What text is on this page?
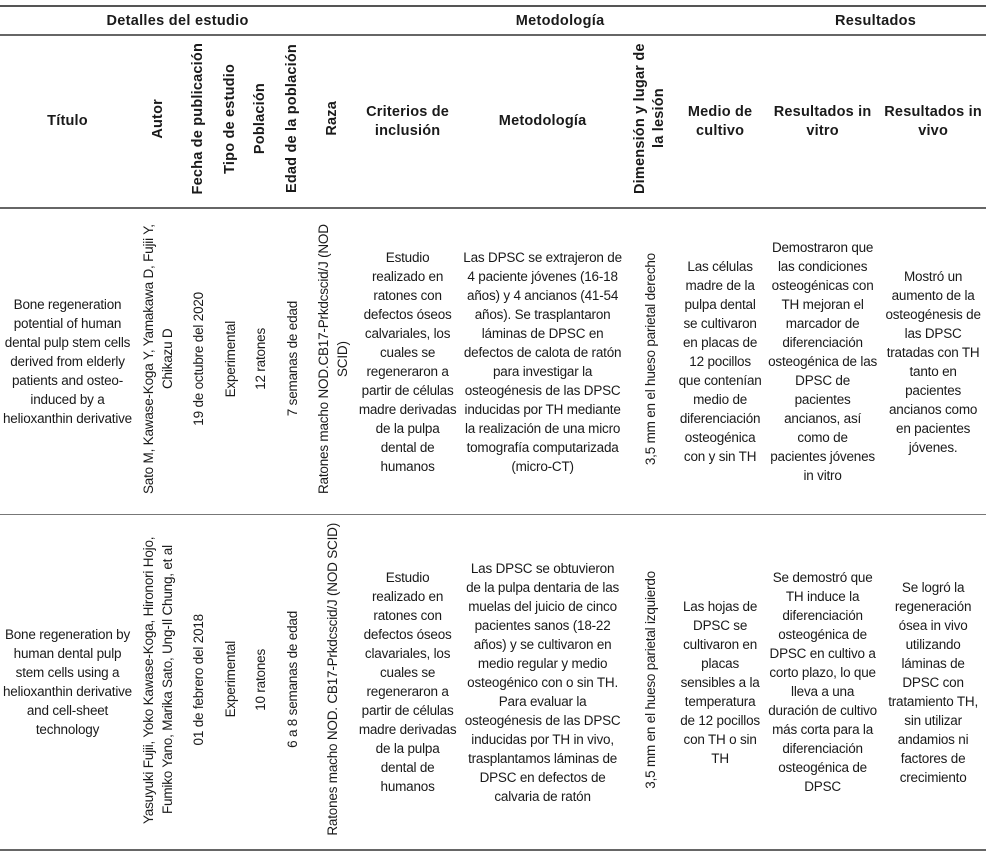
Detalles del estudio							Metodología				Resultados	
Título	Autor	Fecha de publicación	Tipo de estudio	Población	Edad de la población	Raza	Criterios de inclusión	Metodología	Dimensión y lugar de la lesión	Medio de cultivo	Resultados in vitro	Resultados in vivo
Bone regeneration potential of human dental pulp stem cells derived from elderly patients and osteo-induced by a helioxanthin derivative	Sato M, Kawase-Koga Y, Yamakawa D, Fujii Y, Chikazu D	19 de octubre del 2020	Experimental	12 ratones	7 semanas de edad	Ratones macho NOD.CB17-Prkdcscid/J (NOD SCID)	Estudio realizado en ratones con defectos óseos calvariales, los cuales se regeneraron a partir de células madre derivadas de la pulpa dental de humanos	Las DPSC se extrajeron de 4 paciente jóvenes (16-18 años) y 4 ancianos (41-54 años). Se trasplantaron láminas de DPSC en defectos de calota de ratón para investigar la osteogénesis de las DPSC inducidas por TH mediante la realización de una micro tomografía computarizada (micro-CT)	3,5 mm en el hueso parietal derecho	Las células madre de la pulpa dental se cultivaron en placas de 12 pocillos que contenían medio de diferenciación osteogénica con y sin TH	Demostraron que las condiciones osteogénicas con TH mejoran el marcador de diferenciación osteogénica de las DPSC de pacientes ancianos, así como de pacientes jóvenes in vitro	Mostró un aumento de la osteogénesis de las DPSC tratadas con TH tanto en pacientes ancianos como en pacientes jóvenes.
Bone regeneration by human dental pulp stem cells using a helioxanthin derivative and cell-sheet technology	Yasuyuki Fujii, Yoko Kawase-Koga, Hironori Hojo, Fumiko Yano, Marika Sato, Ung-Il Chung, et al	01 de febrero del 2018	Experimental	10 ratones	6 a 8 semanas de edad	Ratones macho NOD. CB17-Prkdcscid/J (NOD SCID)	Estudio realizado en ratones con defectos óseos clavariales, los cuales se regeneraron a partir de células madre derivadas de la pulpa dental de humanos	Las DPSC se obtuvieron de la pulpa dentaria de las muelas del juicio de cinco pacientes sanos (18-22 años) y se cultivaron en medio regular y medio osteogénico con o sin TH. Para evaluar la osteogénesis de las DPSC inducidas por TH in vivo, trasplantamos láminas de DPSC en defectos de calvaria de ratón	3,5 mm en el hueso parietal izquierdo	Las hojas de DPSC se cultivaron en placas sensibles a la temperatura de 12 pocillos con TH o sin TH	Se demostró que TH induce la diferenciación osteogénica de DPSC en cultivo a corto plazo, lo que lleva a una duración de cultivo más corta para la diferenciación osteogénica de DPSC	Se logró la regeneración ósea in vivo utilizando láminas de DPSC con tratamiento TH, sin utilizar andamios ni factores de crecimiento
